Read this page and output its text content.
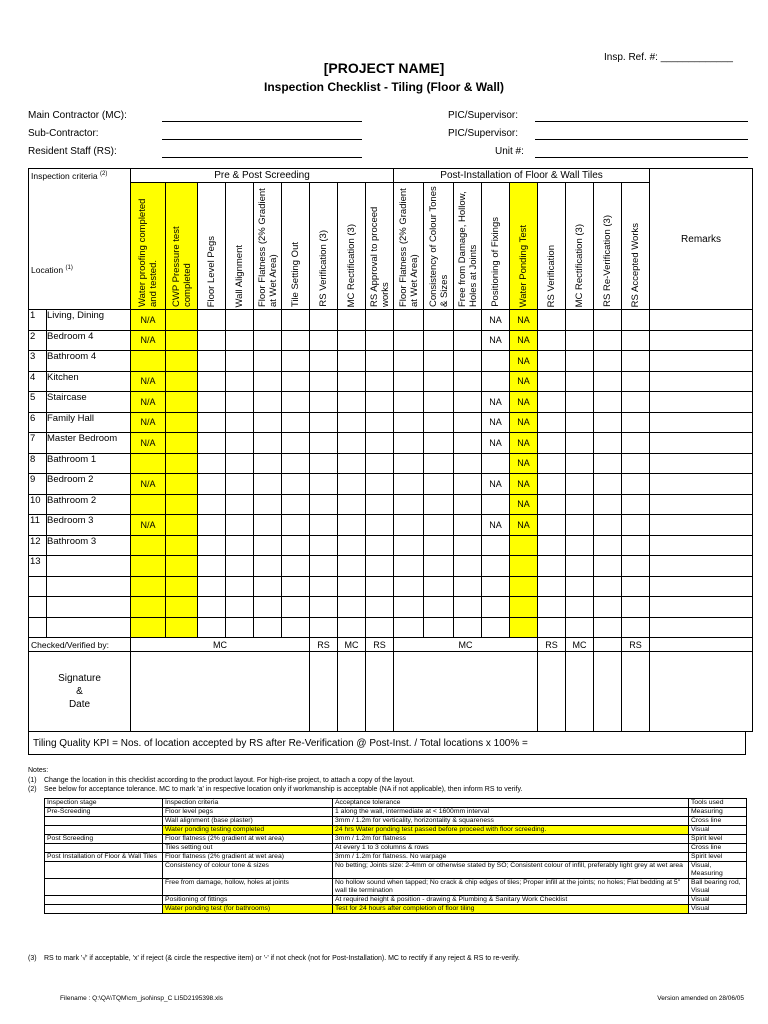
Insp. Ref. #: _____________
[PROJECT NAME]
Inspection Checklist - Tiling (Floor & Wall)
Main Contractor (MC):
Sub-Contractor:
Resident Staff (RS):
PIC/Supervisor:
PIC/Supervisor:
Unit #:
Inspection criteria $^{(2)}$
Location $^{(1)}$		Pre & Post Screeding									Post-Installation of Floor & Wall Tiles									Remarks

		Water proofing completed and tested.	CWP Pressure test completed	Floor Level Pegs	Wall Alignment	Floor Flatness (2% Gradient at Wet Area)	Tile Setting Out	RS Verification (3)	MC Rectification (3)	RS Approval to proceed works	Floor Flatness (2% Gradient at Wet Area)	Consistency of Colour Tones & Sizes	Free from Damage, Hollow, Holes at Joints	Positioning of Fixings	Water Ponding Test	RS Verification	MC Rectification (3)	RS Re-Verification (3)	RS Accepted Works	

1	Living, Dining	N/A												NA	NA					
2	Bedroom 4	N/A												NA	NA					
3	Bathroom 4														NA					
4	Kitchen	N/A													NA					
5	Staircase	N/A												NA	NA					
6	Family Hall	N/A												NA	NA					
7	Master Bedroom	N/A												NA	NA					
8	Bathroom 1														NA					
9	Bedroom 2	N/A												NA	NA					
10	Bathroom 2														NA					
11	Bedroom 3	N/A												NA	NA					
12	Bathroom 3																			
13																				

Checked/Verified by:		MC						RS	MC	RS	MC					RS	MC		RS	

Signature
&
Date																				

Tiling Quality KPI = Nos. of location accepted by RS after Re-Verification @ Post-Inst. / Total locations x 100% =
Notes:
(1) Change the location in this checklist according to the product layout. For high-rise project, to attach a copy of the layout.
(2) See below for acceptance tolerance. MC to mark 'a' in respective location only if workmanship is acceptable (NA if not applicable), then inform RS to verify.
Inspection stage	Inspection criteria	Acceptance tolerance	Tools used
Pre-Screeding	Floor level pegs	1 along the wall, intermediate at < 1600mm interval	Measuring
	Wall alignment (base plaster)	3mm / 1.2m for verticality, horizontality & squareness	Cross line
	Water ponding testing completed	24 hrs Water ponding test passed before proceed with floor screeding.	Visual
Post Screeding	Floor flatness (2% gradient at wet area)	3mm / 1.2m for flatness	Spirit level
	Tiles setting out	At every 1 to 3 columns & rows	Cross line
Post Installation of Floor & Wall Tiles	Floor flatness (2% gradient at wet area)	3mm / 1.2m for flatness. No warpage	Spirit level
	Consistency of colour tone & sizes	No betting; Joints size: 2-4mm or otherwise stated by SO; Consistent colour of infill, preferably light grey at wet area	Visual, Measuring
	Free from damage, hollow, holes at joints	No hollow sound when tapped; No crack & chip edges of tiles; Proper infill at the joints; no holes; Flat bedding at 5" wall tile termination	Ball bearing rod, Visual
	Positioning of fittings	At required height & position - drawing & Plumbing & Sanitary Work Checklist	Visual
	Water ponding test (for bathrooms)	Test for 24 hours after completion of floor tiling	Visual
(3) RS to mark '√' if acceptable, 'x' if reject (& circle the respective item) or '-' if not check (not for Post-Installation). MC to rectify if any reject & RS to re-verify.
Filename : Q:\QA\TQM\cm_jsol\insp_C LI5D2195398.xls	Version amended on 28/06/05
